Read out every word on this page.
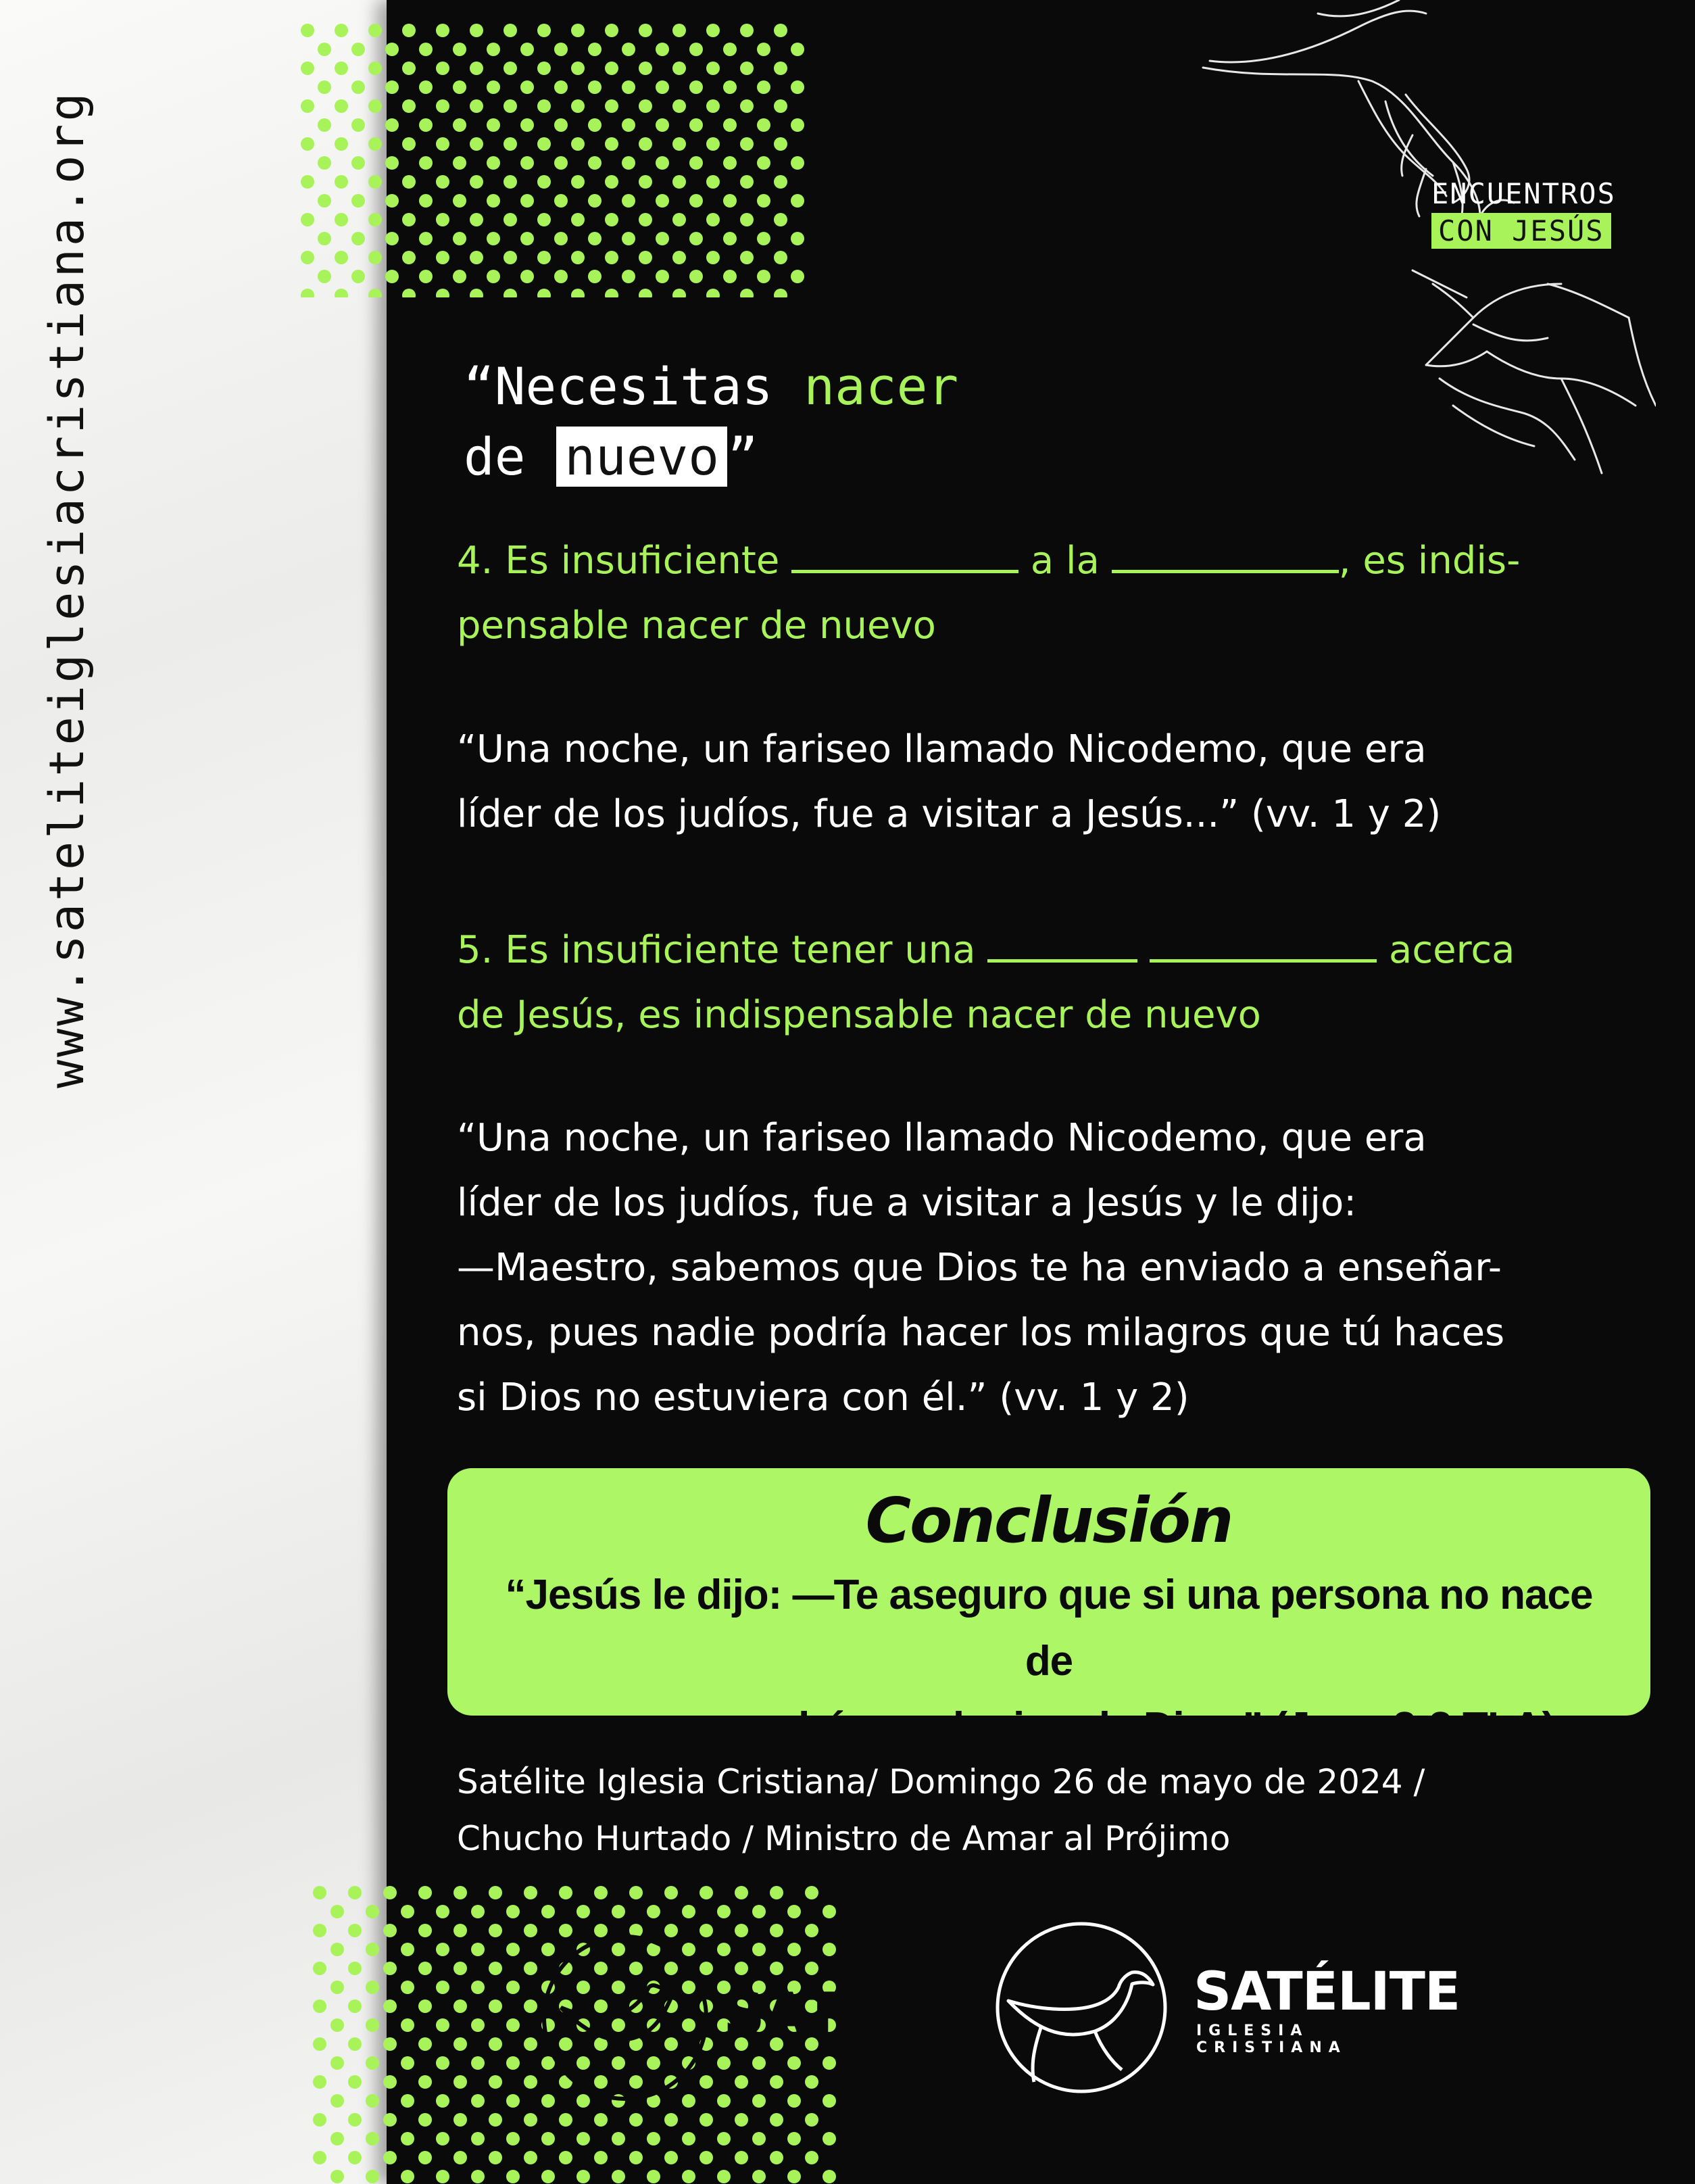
www.sateliteiglesiacristiana.org	ENCUENTROS
CON JESÚS
“Necesitas nacer
de nuevo ”
4. Es insuficiente	a la	, es indis-
pensable nacer de nuevo
“Una noche, un fariseo llamado Nicodemo, que era
líder de los judíos, fue a visitar a Jesús...” (vv. 1 y 2)
5. Es insuficiente tener una	acerca
de Jesús, es indispensable nacer de nuevo
“Una noche, un fariseo llamado Nicodemo, que era
líder de los judíos, fue a visitar a Jesús y le dijo:
—Maestro, sabemos que Dios te ha enviado a enseñar-
nos, pues nadie podría hacer los milagros que tú haces
si Dios no estuviera con él.” (vv. 1 y 2)
Conclusión
“Jesús le dijo: —Te aseguro que si una persona no nace de
nuevo no podrá ver el reino de Dios.” (Juan 3:3 TLA)
Satélite Iglesia Cristiana/ Domingo 26 de mayo de 2024 /
Chucho Hurtado / Ministro de Amar al Prójimo
SATÉLITE
ISTIANA
SATÉLITE
IGLESIA CRISTIANA
